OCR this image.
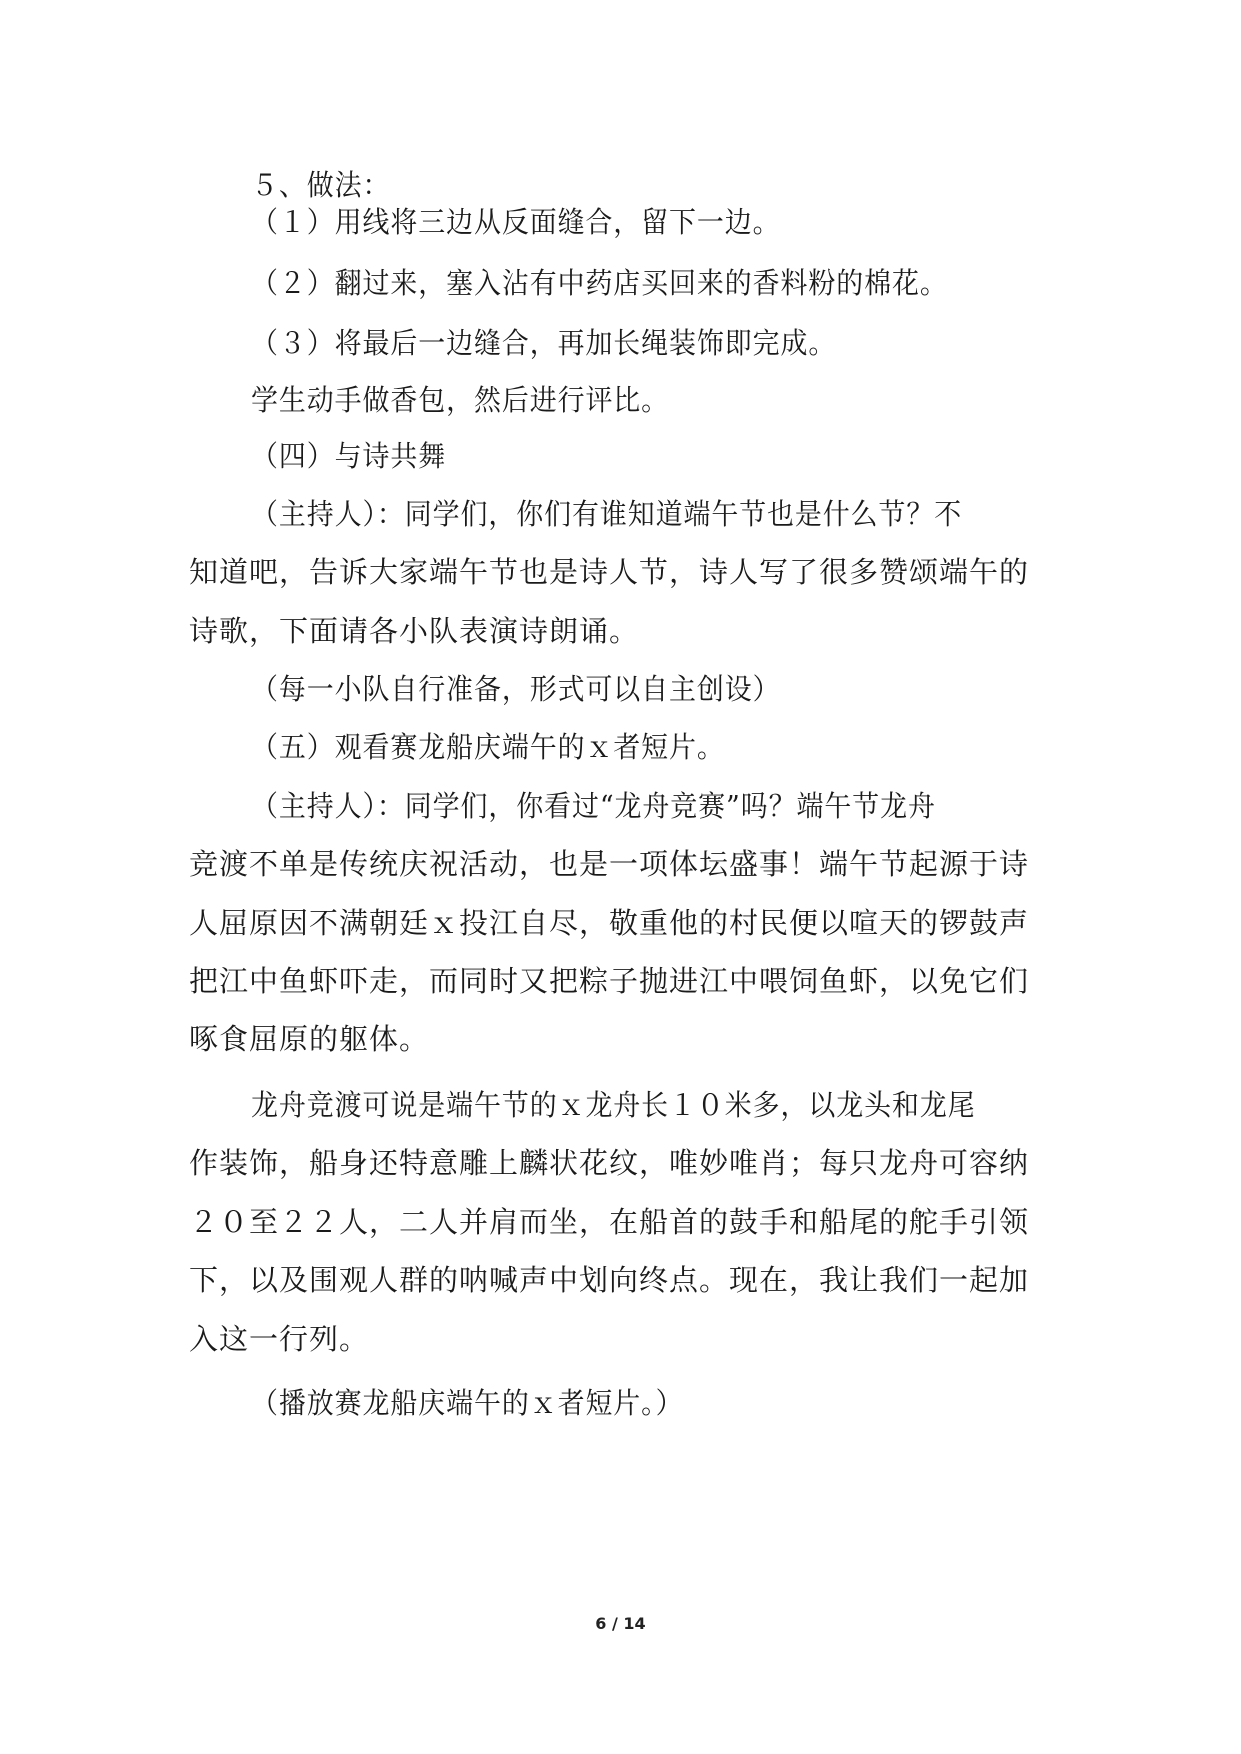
５、做法：
（１）用线将三边从反面缝合，留下一边。
（２）翻过来，塞入沾有中药店买回来的香料粉的棉花。
（３）将最后一边缝合，再加长绳装饰即完成。
学生动手做香包，然后进行评比。
（四）与诗共舞
（主持人）：同学们，你们有谁知道端午节也是什么节？不
知道吧，告诉大家端午节也是诗人节，诗人写了很多赞颂端午的
诗歌，下面请各小队表演诗朗诵。
（每一小队自行准备，形式可以自主创设）
（五）观看赛龙船庆端午的ｘ者短片。
（主持人）：同学们，你看过“龙舟竞赛”吗？端午节龙舟
竞渡不单是传统庆祝活动，也是一项体坛盛事！端午节起源于诗
人屈原因不满朝廷ｘ投江自尽，敬重他的村民便以喧天的锣鼓声
把江中鱼虾吓走，而同时又把粽子抛进江中喂饲鱼虾，以免它们
啄食屈原的躯体。
龙舟竞渡可说是端午节的ｘ龙舟长１０米多，以龙头和龙尾
作装饰，船身还特意雕上麟状花纹，唯妙唯肖；每只龙舟可容纳
２０至２２人，二人并肩而坐，在船首的鼓手和船尾的舵手引领
下，以及围观人群的呐喊声中划向终点。现在，我让我们一起加
入这一行列。
（播放赛龙船庆端午的ｘ者短片。）
6 / 14
